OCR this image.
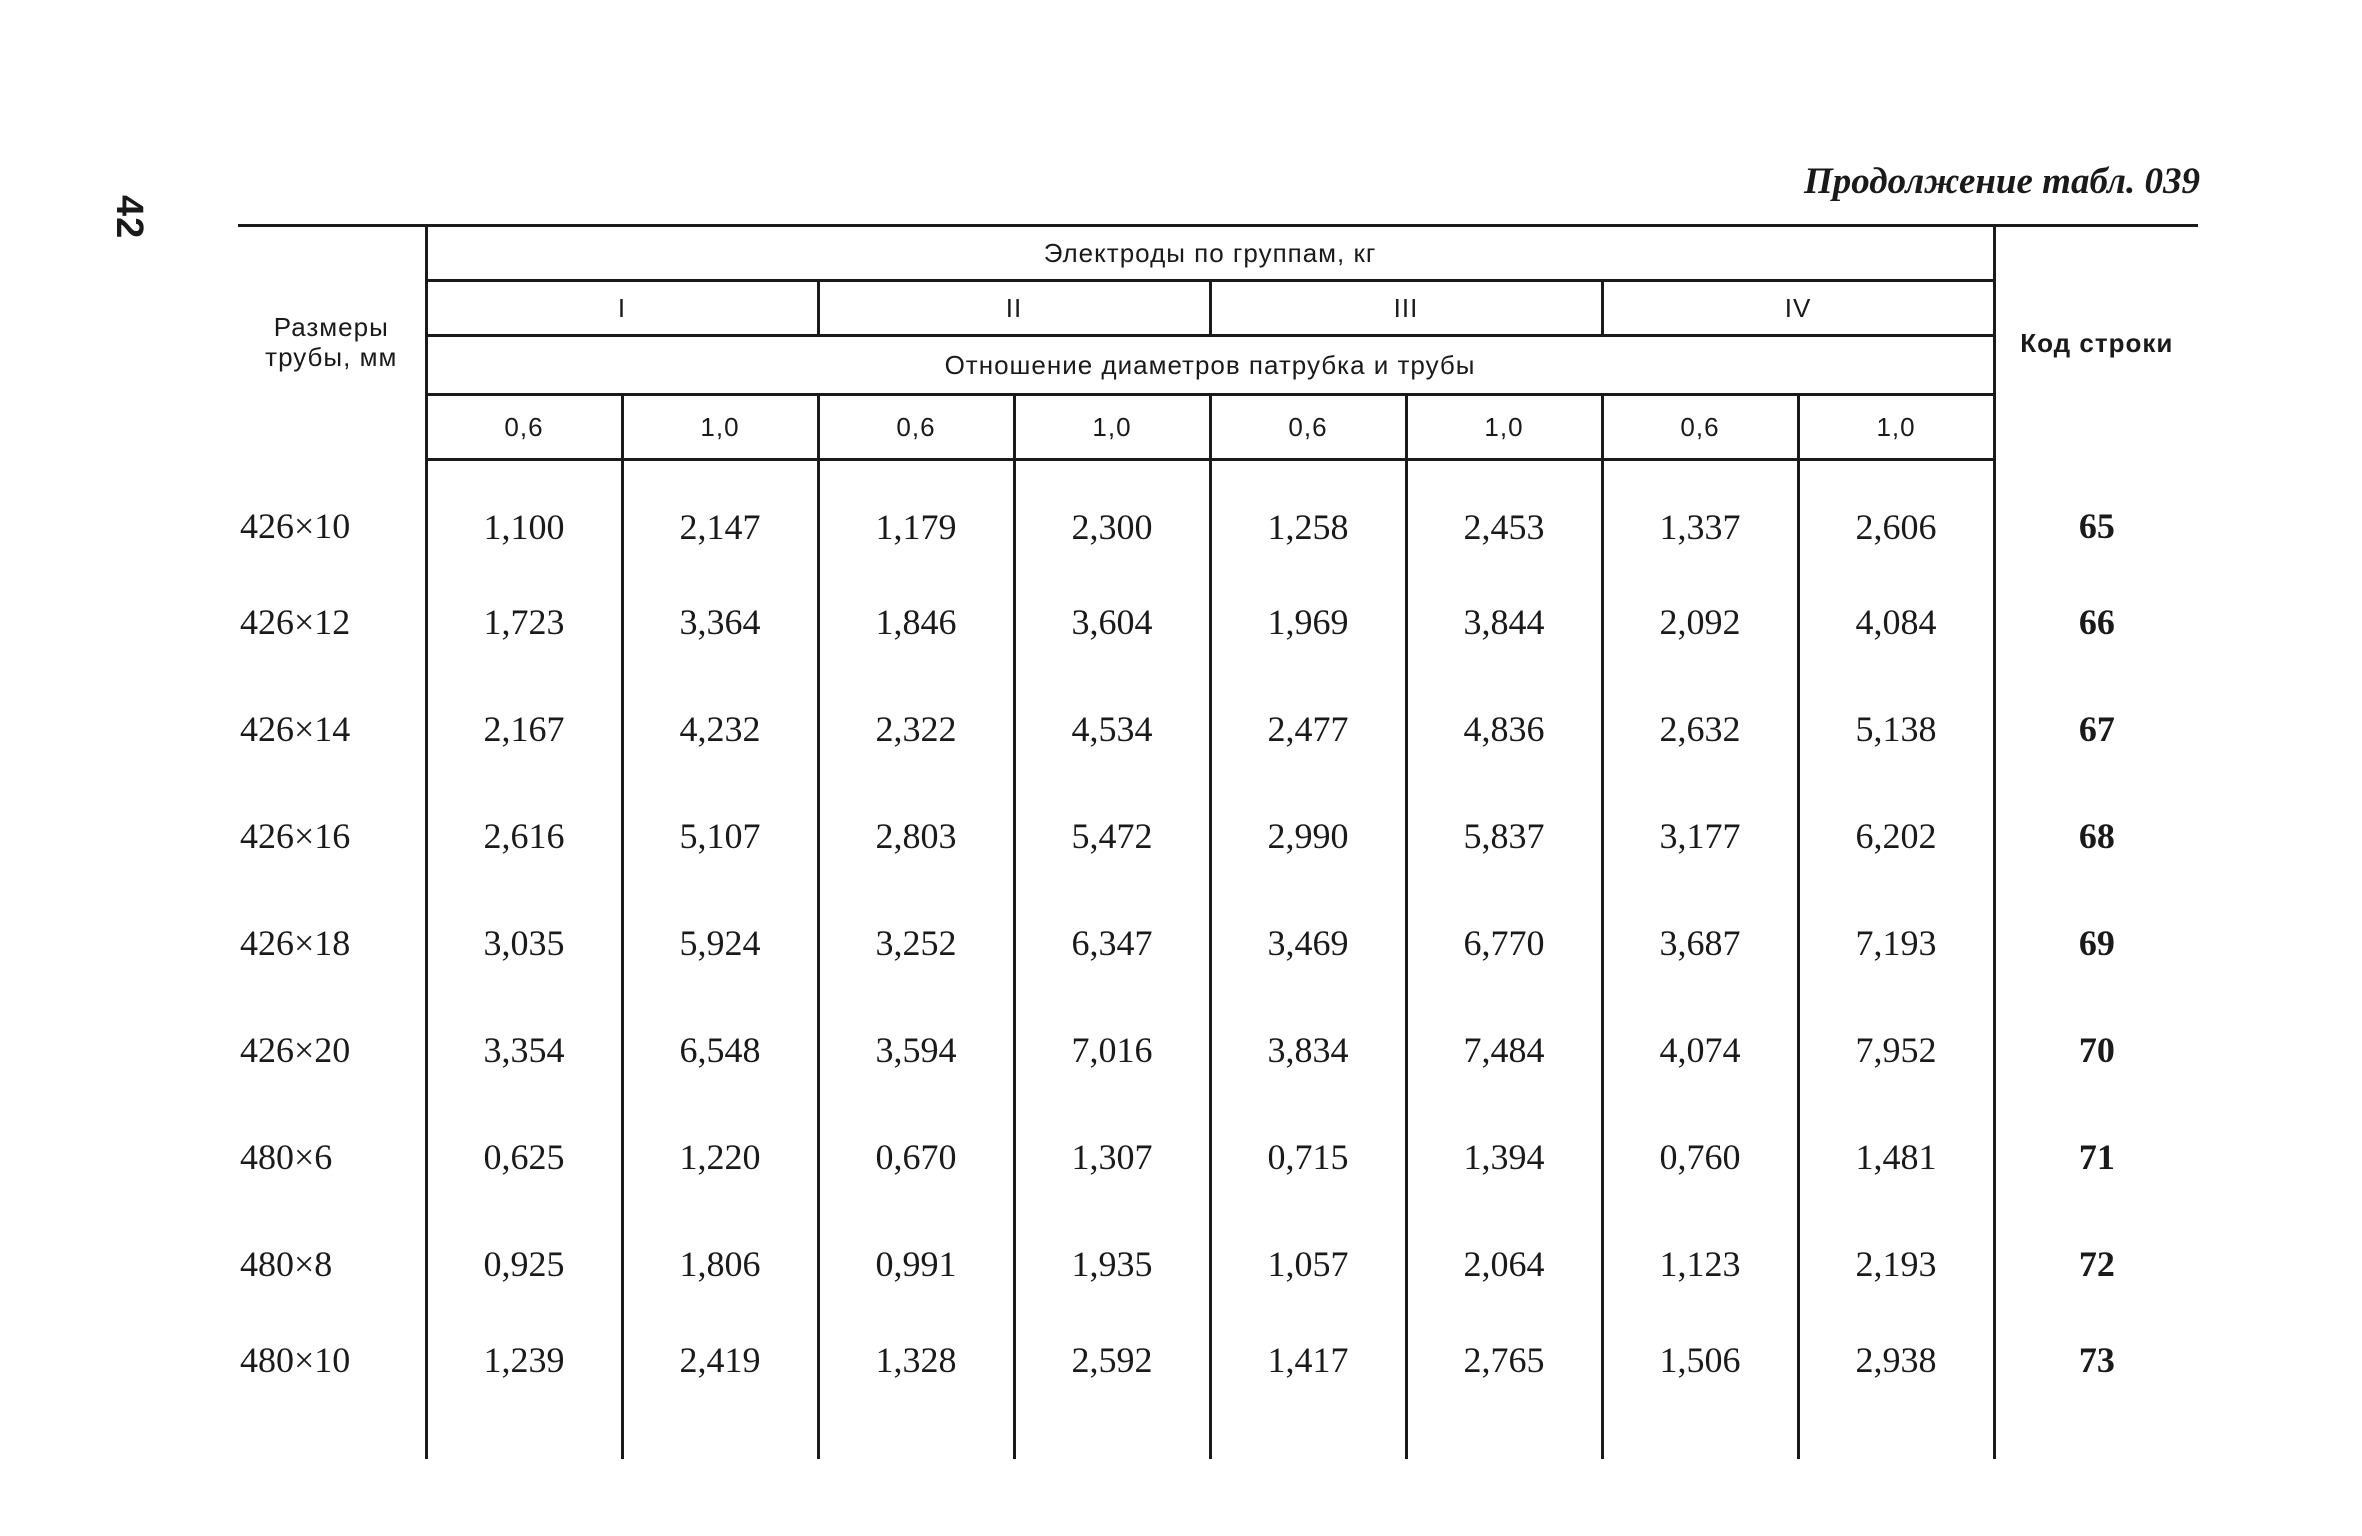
42
Продолжение табл. 039
Размеры трубы, мм	Электроды по группам, кг								Код строки
	I		II		III		IV		
	Отношение диаметров патрубка и трубы								
	0,6	1,0	0,6	1,0	0,6	1,0	0,6	1,0	
426×10	1,100	2,147	1,179	2,300	1,258	2,453	1,337	2,606	65
426×12	1,723	3,364	1,846	3,604	1,969	3,844	2,092	4,084	66
426×14	2,167	4,232	2,322	4,534	2,477	4,836	2,632	5,138	67
426×16	2,616	5,107	2,803	5,472	2,990	5,837	3,177	6,202	68
426×18	3,035	5,924	3,252	6,347	3,469	6,770	3,687	7,193	69
426×20	3,354	6,548	3,594	7,016	3,834	7,484	4,074	7,952	70
480×6	0,625	1,220	0,670	1,307	0,715	1,394	0,760	1,481	71
480×8	0,925	1,806	0,991	1,935	1,057	2,064	1,123	2,193	72
480×10	1,239	2,419	1,328	2,592	1,417	2,765	1,506	2,938	73
